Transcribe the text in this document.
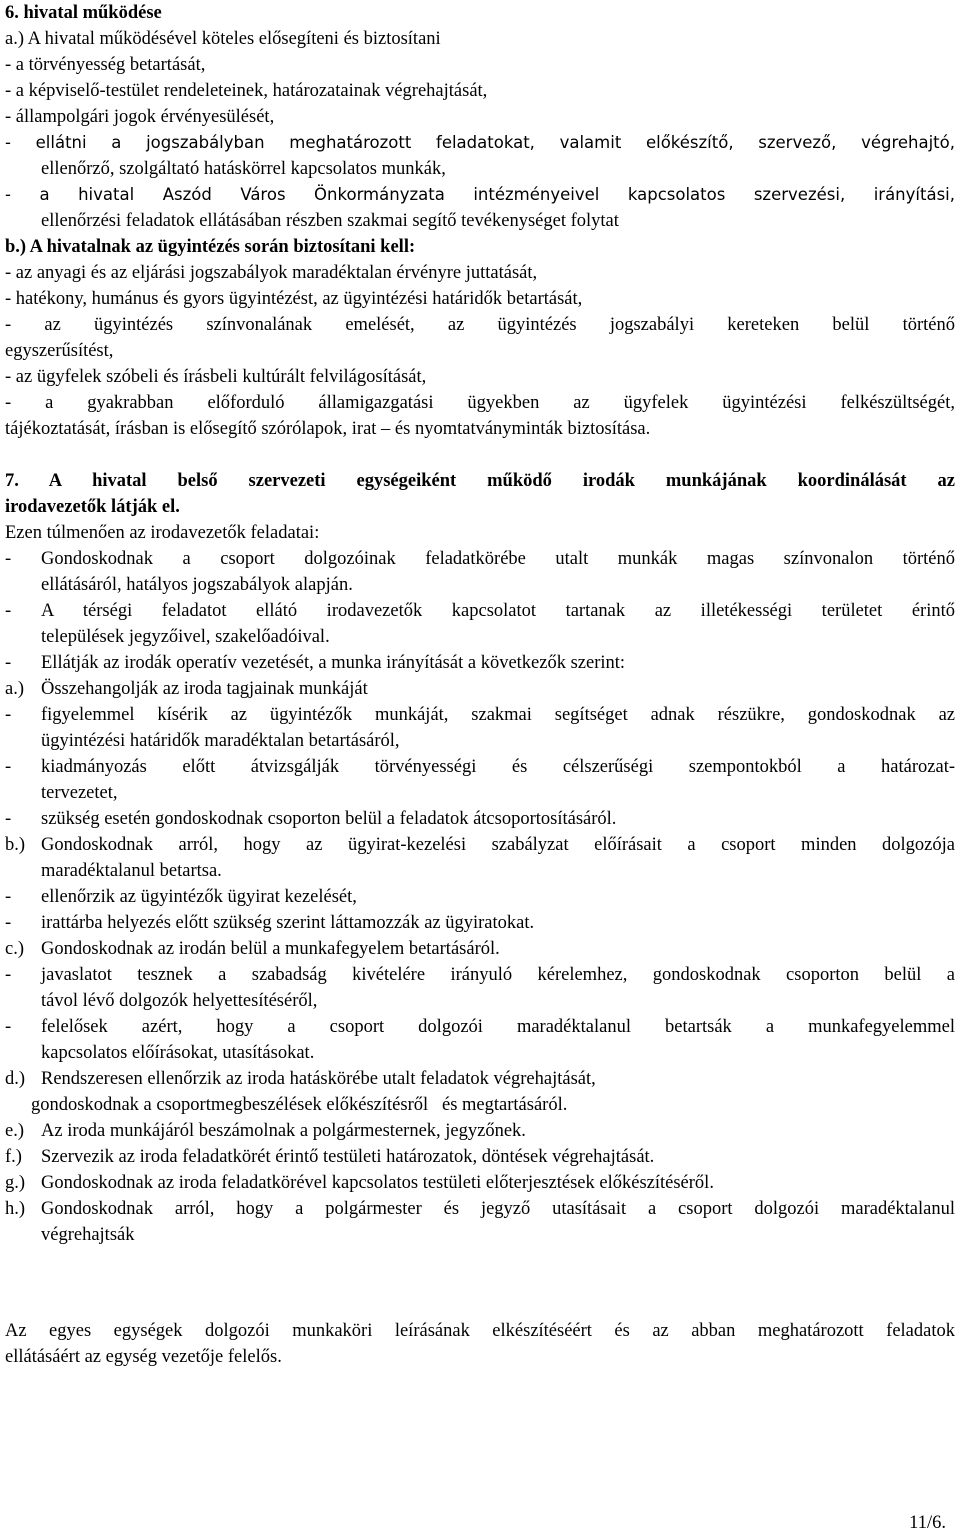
6. hivatal működése
a.) A hivatal működésével köteles elősegíteni és biztosítani
- a törvényesség betartását,
- a képviselő-testület rendeleteinek, határozatainak végrehajtását,
- állampolgári jogok érvényesülését,
- ellátni a jogszabályban meghatározott feladatokat, valamit előkészítő, szervező, végrehajtó,
ellenőrző, szolgáltató hatáskörrel kapcsolatos munkák,
- a hivatal Aszód Város Önkormányzata intézményeivel kapcsolatos szervezési, irányítási,
ellenőrzési feladatok ellátásában részben szakmai segítő tevékenységet folytat
b.) A hivatalnak az ügyintézés során biztosítani kell:
- az anyagi és az eljárási jogszabályok maradéktalan érvényre juttatását,
- hatékony, humánus és gyors ügyintézést, az ügyintézési határidők betartását,
- az ügyintézés színvonalának emelését, az ügyintézés jogszabályi kereteken belül történő
egyszerűsítést,
- az ügyfelek szóbeli és írásbeli kultúrált felvilágosítását,
- a gyakrabban előforduló államigazgatási ügyekben az ügyfelek ügyintézési felkészültségét,
tájékoztatását, írásban is elősegítő szórólapok, irat – és nyomtatványminták biztosítása.
7. A hivatal belső szervezeti egységeiként működő irodák munkájának koordinálását az
irodavezetők látják el.
Ezen túlmenően az irodavezetők feladatai:
-	Gondoskodnak a csoport dolgozóinak feladatkörébe utalt munkák magas színvonalon történő
ellátásáról, hatályos jogszabályok alapján.
-	A térségi feladatot ellátó irodavezetők kapcsolatot tartanak az illetékességi területet érintő
települések jegyzőivel, szakelőadóival.
-	Ellátják az irodák operatív vezetését, a munka irányítását a következők szerint:
a.) Összehangolják az iroda tagjainak munkáját
-	figyelemmel kísérik az ügyintézők munkáját, szakmai segítséget adnak részükre, gondoskodnak az
ügyintézési határidők maradéktalan betartásáról,
-	kiadmányozás előtt átvizsgálják törvényességi és célszerűségi szempontokból a határozat-
tervezetet,
-	szükség esetén gondoskodnak csoporton belül a feladatok átcsoportosításáról.
b.) Gondoskodnak arról, hogy az ügyirat-kezelési szabályzat előírásait a csoport minden dolgozója
maradéktalanul betartsa.
-	ellenőrzik az ügyintézők ügyirat kezelését,
-	irattárba helyezés előtt szükség szerint láttamozzák az ügyiratokat.
c.) Gondoskodnak az irodán belül a munkafegyelem betartásáról.
-	javaslatot tesznek a szabadság kivételére irányuló kérelemhez, gondoskodnak csoporton belül a
távol lévő dolgozók helyettesítéséről,
-	felelősek azért, hogy a csoport dolgozói maradéktalanul betartsák a munkafegyelemmel
kapcsolatos előírásokat, utasításokat.
d.) Rendszeresen ellenőrzik az iroda hatáskörébe utalt feladatok végrehajtását,
gondoskodnak a csoportmegbeszélések előkészítésről   és megtartásáról.
e.) Az iroda munkájáról beszámolnak a polgármesternek, jegyzőnek.
f.)	Szervezik az iroda feladatkörét érintő testületi határozatok, döntések végrehajtását.
g.) Gondoskodnak az iroda feladatkörével kapcsolatos testületi előterjesztések előkészítéséről.
h.) Gondoskodnak arról, hogy a polgármester és jegyző utasításait a csoport dolgozói maradéktalanul
végrehajtsák
Az egyes egységek dolgozói munkaköri leírásának elkészítéséért és az abban meghatározott feladatok
ellátásáért az egység vezetője felelős.
11/6.
